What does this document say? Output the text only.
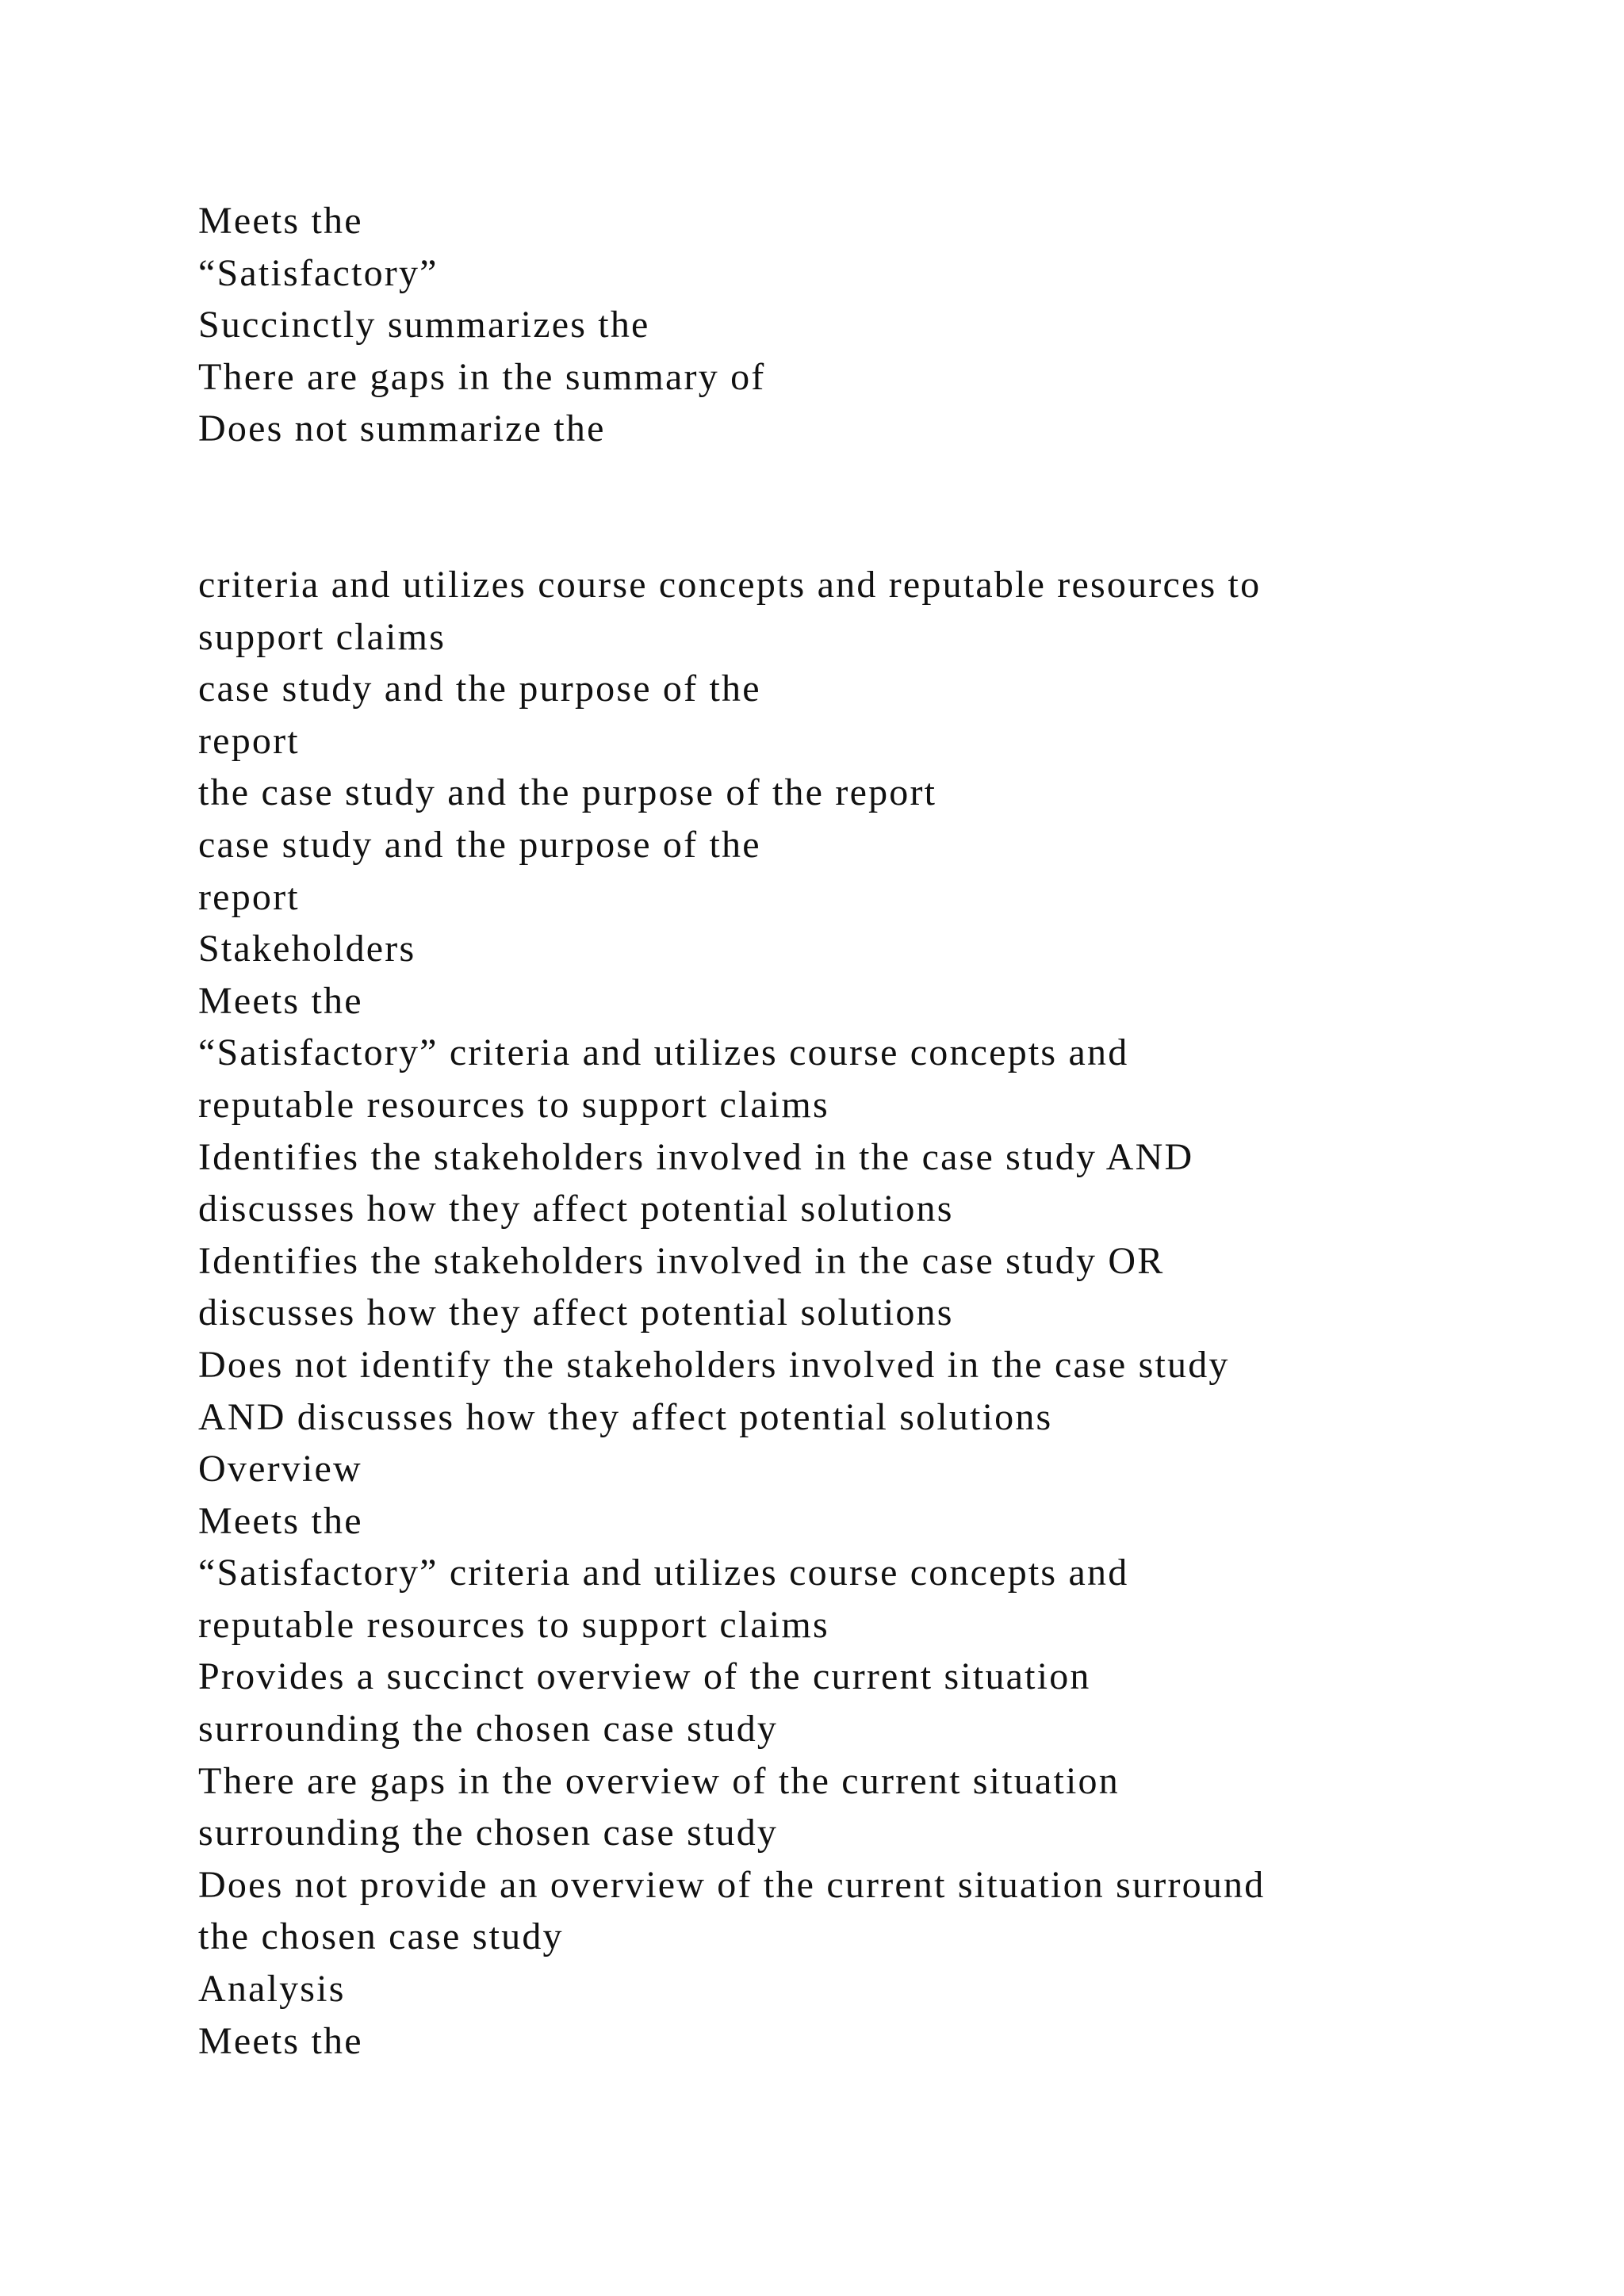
Meets the
“Satisfactory”
Succinctly summarizes the
There are gaps in the summary of
Does not summarize the
criteria and utilizes course concepts and reputable resources to
support claims
case study and the purpose of the
report
the case study and the purpose of the report
case study and the purpose of the
report
Stakeholders
Meets the
“Satisfactory” criteria and utilizes course concepts and
reputable resources to support claims
Identifies the stakeholders involved in the case study AND
discusses how they affect potential solutions
Identifies the stakeholders involved in the case study OR
discusses how they affect potential solutions
Does not identify the stakeholders involved in the case study
AND discusses how they affect potential solutions
Overview
Meets the
“Satisfactory” criteria and utilizes course concepts and
reputable resources to support claims
Provides a succinct overview of the current situation
surrounding the chosen case study
There are gaps in the overview of the current situation
surrounding the chosen case study
Does not provide an overview of the current situation surround
the chosen case study
Analysis
Meets the
